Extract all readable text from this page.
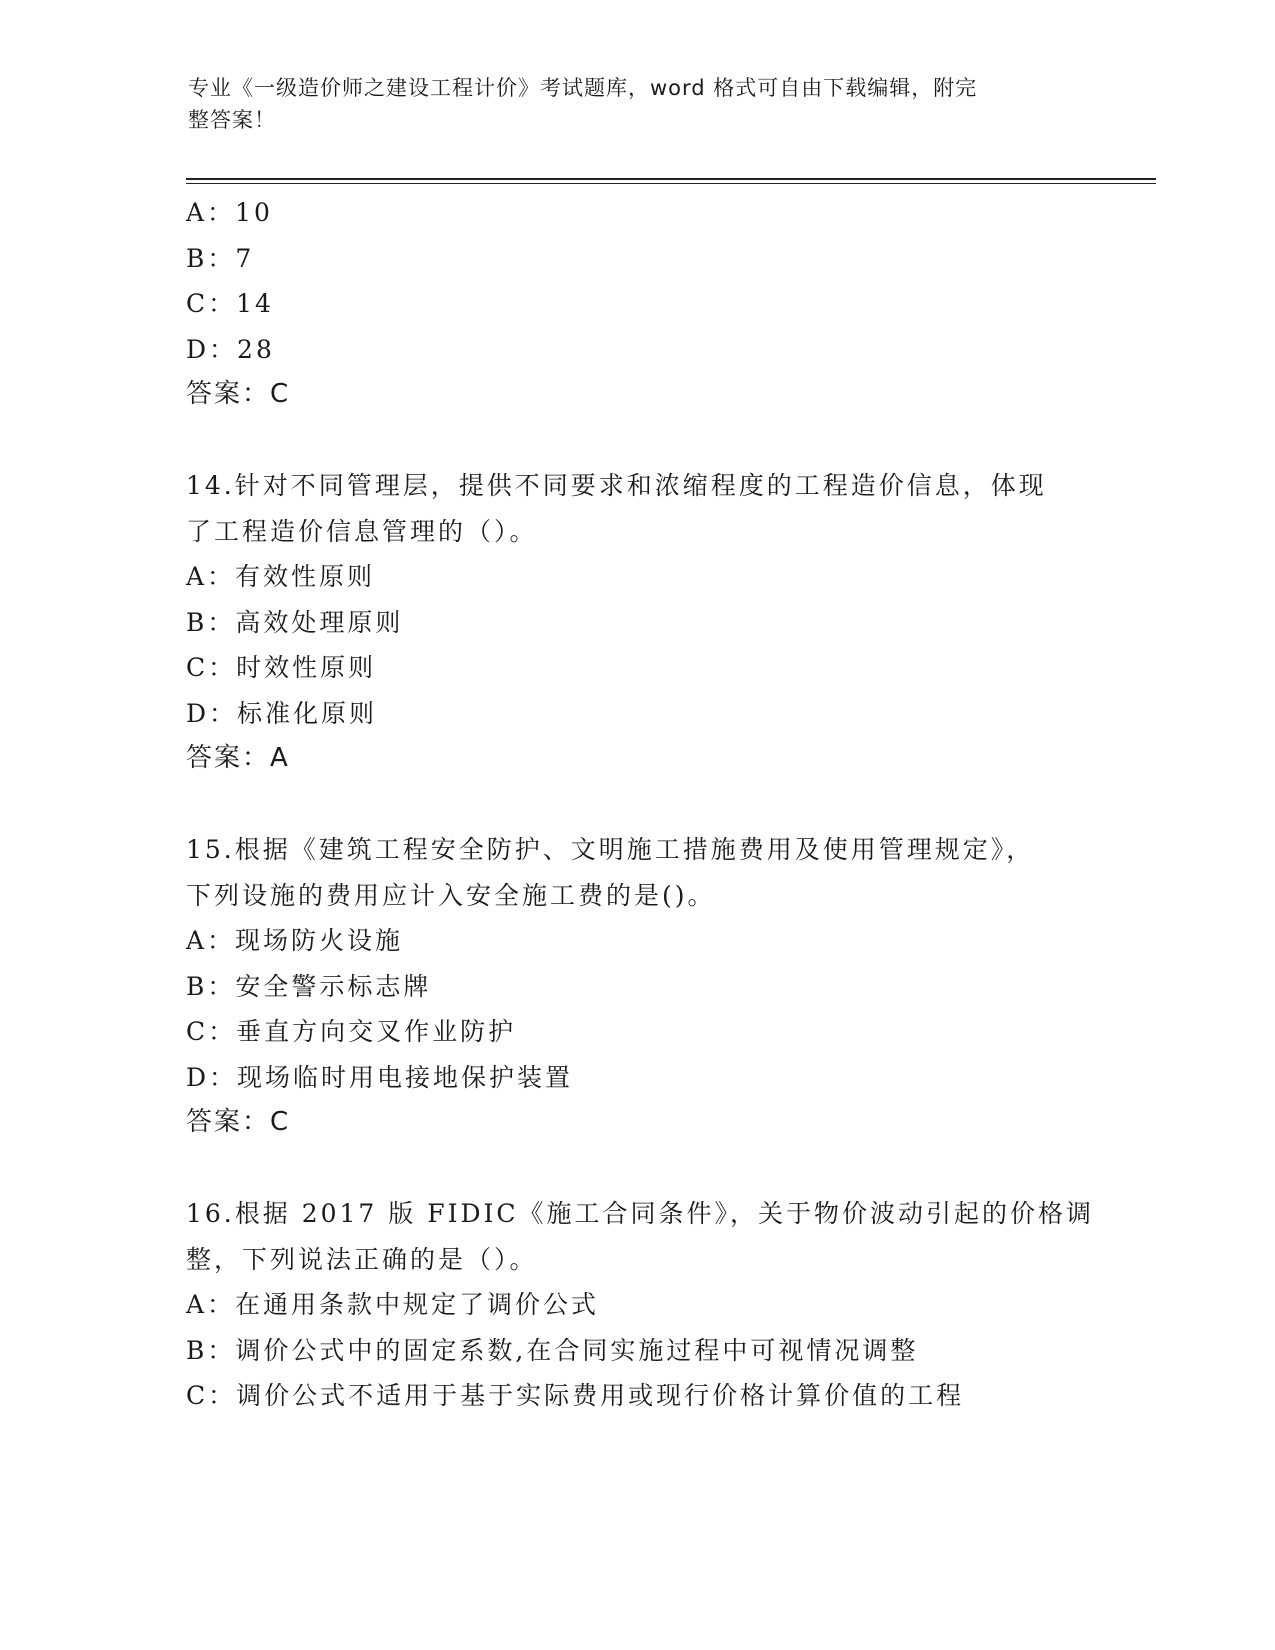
专业《一级造价师之建设工程计价》考试题库，word 格式可自由下载编辑，附完
整答案！
A：10
B：7
C：14
D：28
答案：C
14.针对不同管理层，提供不同要求和浓缩程度的工程造价信息，体现
了工程造价信息管理的（）。
A：有效性原则
B：高效处理原则
C：时效性原则
D：标准化原则
答案：A
15.根据《建筑工程安全防护、文明施工措施费用及使用管理规定》，
下列设施的费用应计入安全施工费的是()。
A：现场防火设施
B：安全警示标志牌
C：垂直方向交叉作业防护
D：现场临时用电接地保护装置
答案：C
16.根据 2017 版 FIDIC《施工合同条件》，关于物价波动引起的价格调
整，下列说法正确的是（）。
A：在通用条款中规定了调价公式
B：调价公式中的固定系数,在合同实施过程中可视情况调整
C：调价公式不适用于基于实际费用或现行价格计算价值的工程
